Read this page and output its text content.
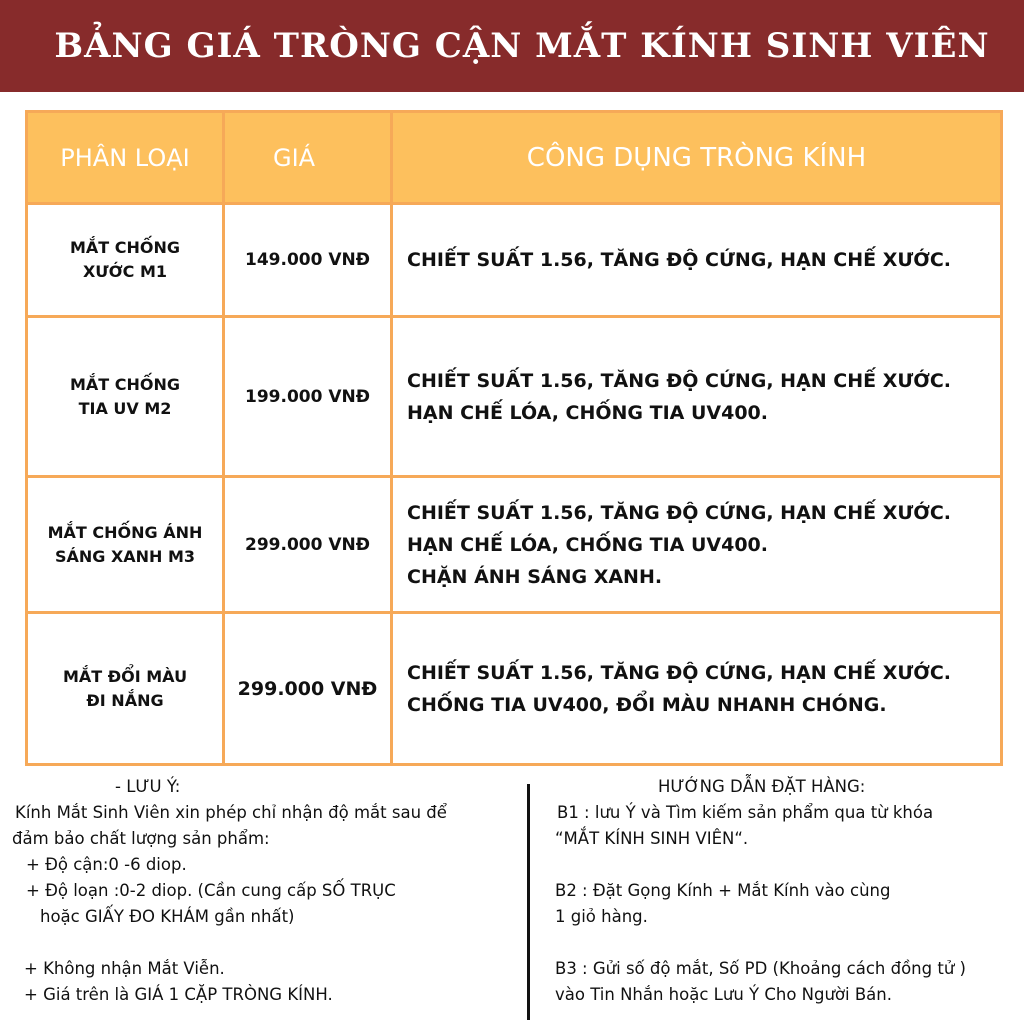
BẢNG GIÁ TRÒNG CẬN MẮT KÍNH SINH VIÊN
PHÂN LOẠI	GIÁ	CÔNG DỤNG TRÒNG KÍNH

MẮT CHỐNG
XƯỚC M1	149.000 VNĐ	CHIẾT SUẤT 1.56, TĂNG ĐỘ CỨNG, HẠN CHẾ XƯỚC.

MẮT CHỐNG
TIA UV M2	199.000 VNĐ	CHIẾT SUẤT 1.56, TĂNG ĐỘ CỨNG, HẠN CHẾ XƯỚC.
HẠN CHẾ LÓA, CHỐNG TIA UV400.

MẮT CHỐNG ÁNH
SÁNG XANH M3	299.000 VNĐ	CHIẾT SUẤT 1.56, TĂNG ĐỘ CỨNG, HẠN CHẾ XƯỚC.
HẠN CHẾ LÓA, CHỐNG TIA UV400.
CHẶN ÁNH SÁNG XANH.

MẮT ĐỔI MÀU
ĐI NẮNG	299.000 VNĐ	CHIẾT SUẤT 1.56, TĂNG ĐỘ CỨNG, HẠN CHẾ XƯỚC.
CHỐNG TIA UV400, ĐỔI MÀU NHANH CHÓNG.

- LƯU Ý:

Kính Mắt Sinh Viên xin phép chỉ nhận độ mắt sau để

đảm bảo chất lượng sản phẩm:

+ Độ cận:0 -6 diop.

+ Độ loạn :0-2 diop. (Cần cung cấp SỐ TRỤC

hoặc GIẤY ĐO KHÁM gần nhất)

+ Không nhận Mắt Viễn.

+ Giá trên là GIÁ 1 CẶP TRÒNG KÍNH.

HƯỚNG DẪN ĐẶT HÀNG:

B1 : lưu Ý và Tìm kiếm sản phẩm qua từ khóa

“MẮT KÍNH SINH VIÊN“.

B2 : Đặt Gọng Kính + Mắt Kính vào cùng

1 giỏ hàng.

B3 : Gửi số độ mắt, Số PD (Khoảng cách đồng tử )

vào Tin Nhắn hoặc Lưu Ý Cho Người Bán.
